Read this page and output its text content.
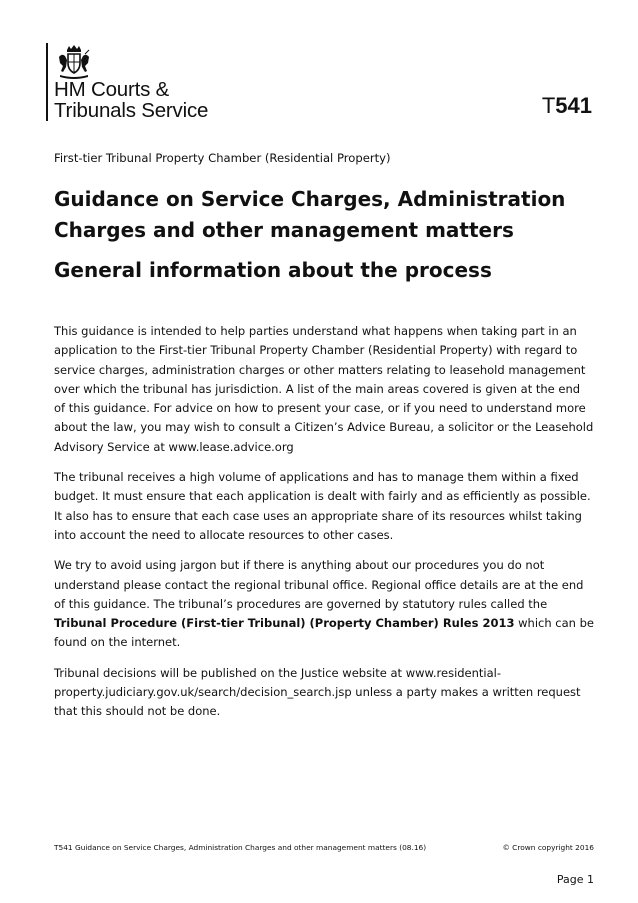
HM Courts &
Tribunals Service	T541
First-tier Tribunal Property Chamber (Residential Property)
Guidance on Service Charges, Administration
Charges and other management matters
General information about the process

This guidance is intended to help parties understand what happens when taking part in an application to the First-tier Tribunal Property Chamber (Residential Property) with regard to service charges, administration charges or other matters relating to leasehold management over which the tribunal has jurisdiction. A list of the main areas covered is given at the end of this guidance. For advice on how to present your case, or if you need to understand more about the law, you may wish to consult a Citizen’s Advice Bureau, a solicitor or the Leasehold Advisory Service at www.lease.advice.org

The tribunal receives a high volume of applications and has to manage them within a fixed budget. It must ensure that each application is dealt with fairly and as efficiently as possible. It also has to ensure that each case uses an appropriate share of its resources whilst taking into account the need to allocate resources to other cases.

We try to avoid using jargon but if there is anything about our procedures you do not understand please contact the regional tribunal office. Regional office details are at the end of this guidance. The tribunal’s procedures are governed by statutory rules called the Tribunal Procedure (First-tier Tribunal) (Property Chamber) Rules 2013 which can be found on the internet.

Tribunal decisions will be published on the Justice website at www.residential-property.judiciary.gov.uk/search/decision_search.jsp unless a party makes a written request that this should not be done.

T541 Guidance on Service Charges, Administration Charges and other management matters (08.16)	© Crown copyright 2016
Page 1
